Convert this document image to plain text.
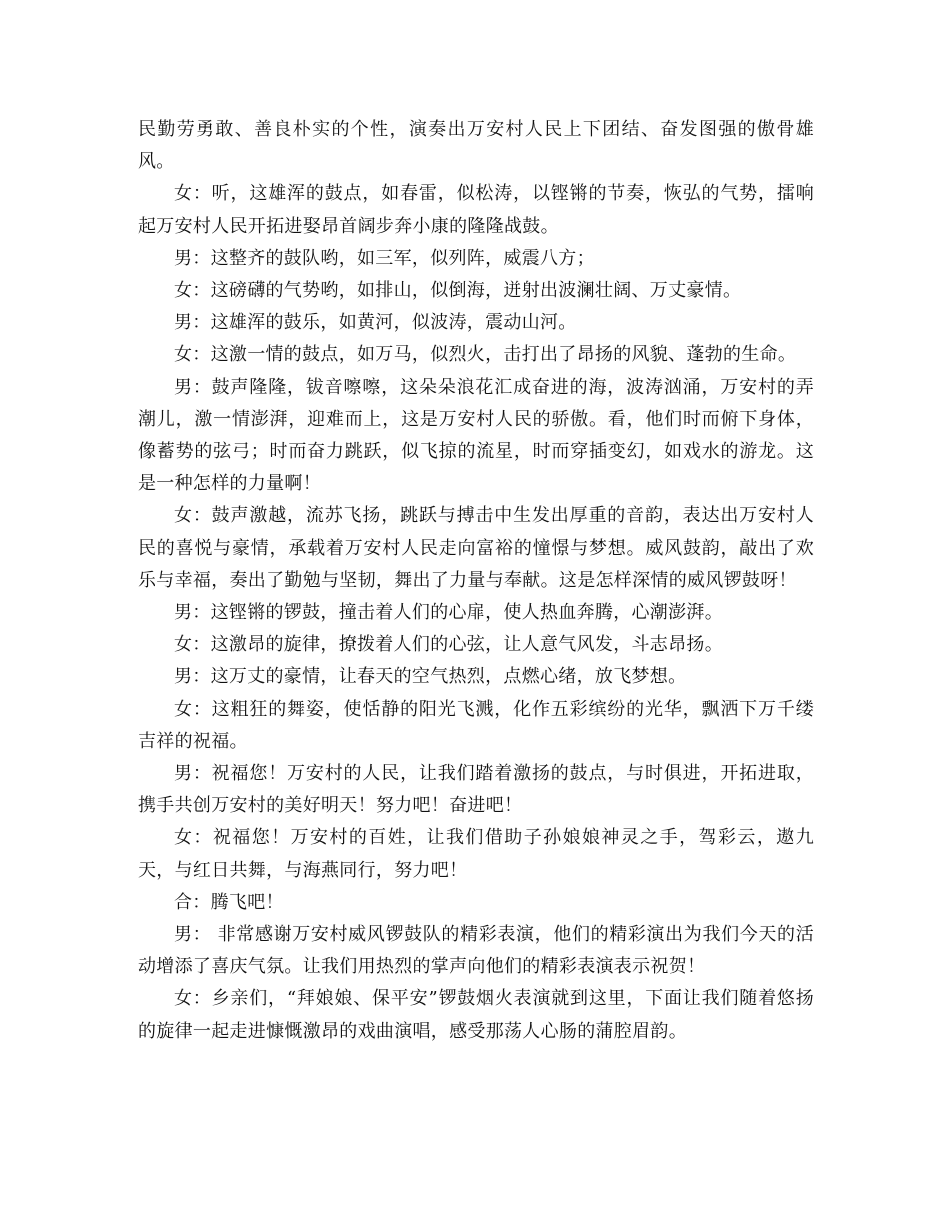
民勤劳勇敢、善良朴实的个性，演奏出万安村人民上下团结、奋发图强的傲骨雄风。

女：听，这雄浑的鼓点，如春雷，似松涛，以铿锵的节奏，恢弘的气势，擂响起万安村人民开拓进娶昂首阔步奔小康的隆隆战鼓。

男：这整齐的鼓队哟，如三军，似列阵，威震八方；

女：这磅礴的气势哟，如排山，似倒海，迸射出波澜壮阔、万丈豪情。

男：这雄浑的鼓乐，如黄河，似波涛，震动山河。

女：这激一情的鼓点，如万马，似烈火，击打出了昂扬的风貌、蓬勃的生命。

男：鼓声隆隆，钹音嚓嚓，这朵朵浪花汇成奋进的海，波涛汹涌，万安村的弄潮儿，激一情澎湃，迎难而上，这是万安村人民的骄傲。看，他们时而俯下身体，像蓄势的弦弓；时而奋力跳跃，似飞掠的流星，时而穿插变幻，如戏水的游龙。这是一种怎样的力量啊！

女：鼓声激越，流苏飞扬，跳跃与搏击中生发出厚重的音韵，表达出万安村人民的喜悦与豪情，承载着万安村人民走向富裕的憧憬与梦想。威风鼓韵，敲出了欢乐与幸福，奏出了勤勉与坚韧，舞出了力量与奉献。这是怎样深情的威风锣鼓呀！

男：这铿锵的锣鼓，撞击着人们的心扉，使人热血奔腾，心潮澎湃。

女：这激昂的旋律，撩拨着人们的心弦，让人意气风发，斗志昂扬。

男：这万丈的豪情，让春天的空气热烈，点燃心绪，放飞梦想。

女：这粗狂的舞姿，使恬静的阳光飞溅，化作五彩缤纷的光华，飘洒下万千缕吉祥的祝福。

男：祝福您！万安村的人民，让我们踏着激扬的鼓点，与时俱进，开拓进取，携手共创万安村的美好明天！努力吧！奋进吧！

女：祝福您！万安村的百姓，让我们借助子孙娘娘神灵之手，驾彩云，遨九天，与红日共舞，与海燕同行，努力吧！

合：腾飞吧！

男： 非常感谢万安村威风锣鼓队的精彩表演，他们的精彩演出为我们今天的活动增添了喜庆气氛。让我们用热烈的掌声向他们的精彩表演表示祝贺！

女：乡亲们，“拜娘娘、保平安”锣鼓烟火表演就到这里，下面让我们随着悠扬的旋律一起走进慷慨激昂的戏曲演唱，感受那荡人心肠的蒲腔眉韵。
